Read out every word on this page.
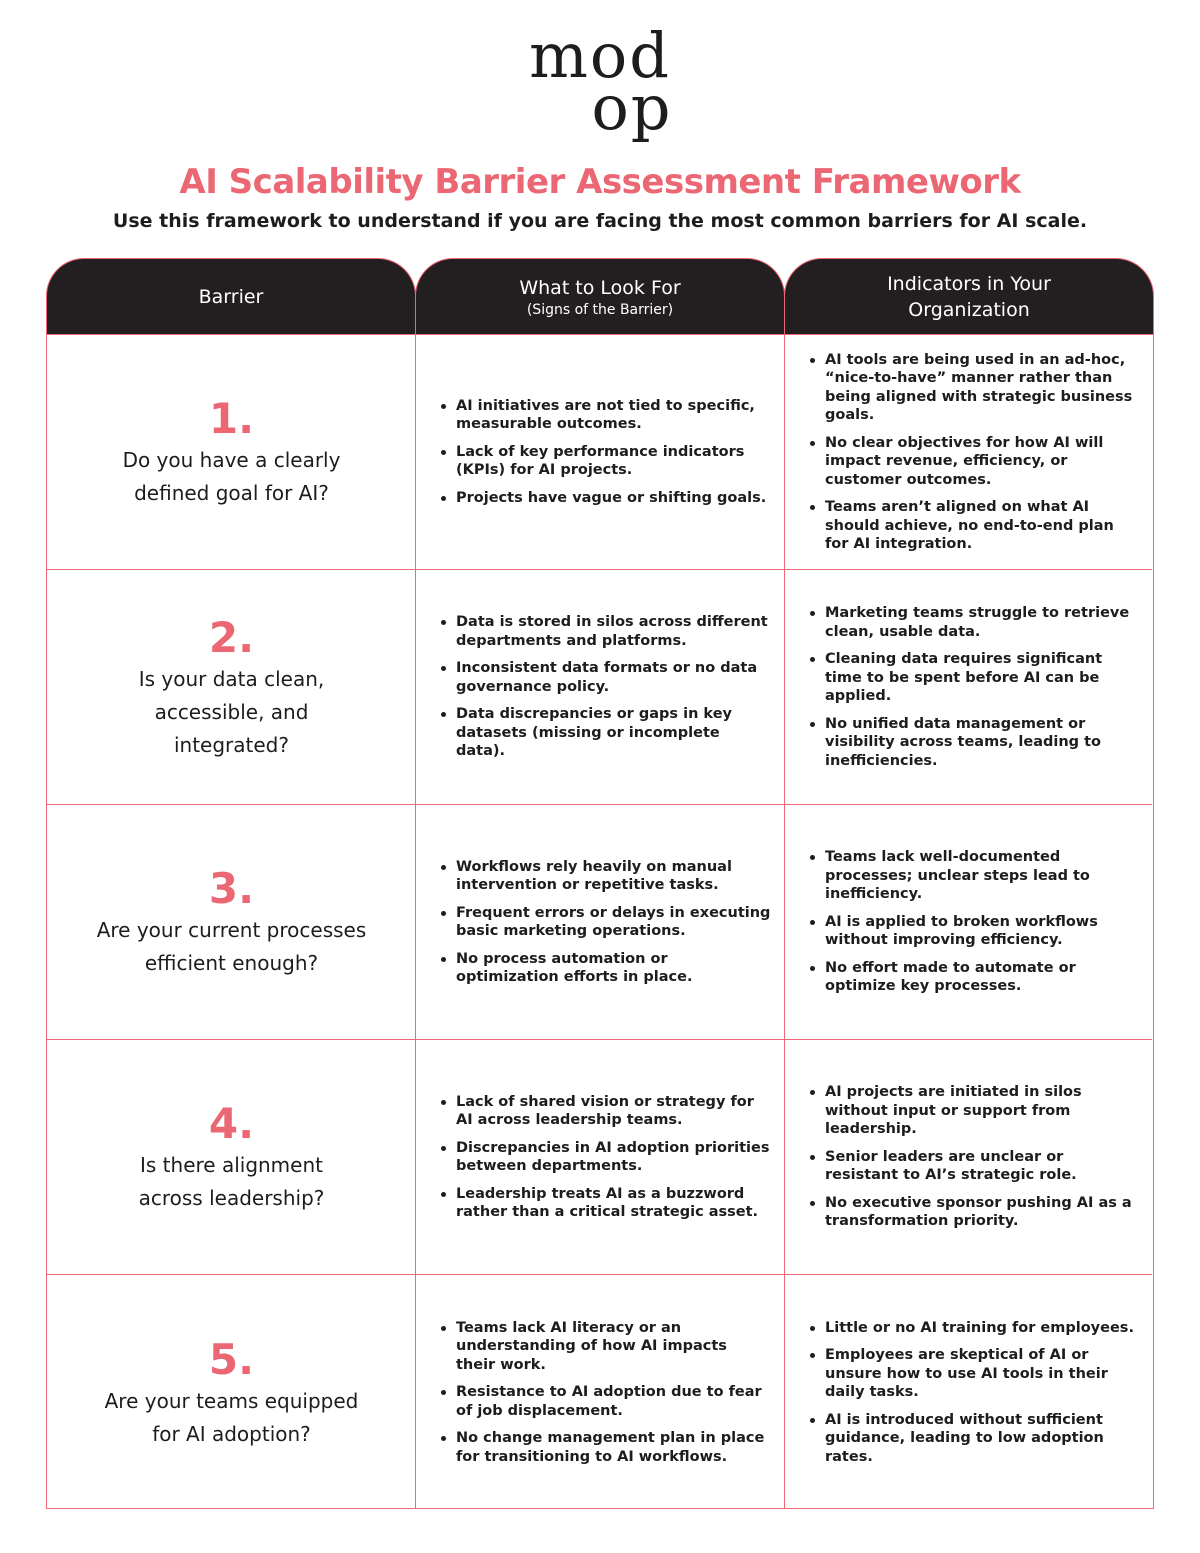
mod
op
AI Scalability Barrier Assessment Framework
Use this framework to understand if you are facing the most common barriers for AI scale.
Barrier	What to Look For
(Signs of the Barrier)
Indicators in Your
Organization
1.
Do you have a clearly
defined goal for AI?
AI initiatives are not tied to specific, measurable outcomes.
Lack of key performance indicators (KPIs) for AI projects.
Projects have vague or shifting goals.
AI tools are being used in an ad-hoc, “nice-to-have” manner rather than being aligned with strategic business goals.
No clear objectives for how AI will impact revenue, efficiency, or customer outcomes.
Teams aren’t aligned on what AI should achieve, no end-to-end plan for AI integration.
2.
Is your data clean,
accessible, and
integrated?
Data is stored in silos across different departments and platforms.
Inconsistent data formats or no data governance policy.
Data discrepancies or gaps in key datasets (missing or incomplete data).
Marketing teams struggle to retrieve clean, usable data.
Cleaning data requires significant time to be spent before AI can be applied.
No unified data management or visibility across teams, leading to inefficiencies.
3.
Are your current processes
efficient enough?
Workflows rely heavily on manual intervention or repetitive tasks.
Frequent errors or delays in executing basic marketing operations.
No process automation or optimization efforts in place.
Teams lack well-documented processes; unclear steps lead to inefficiency.
AI is applied to broken workflows without improving efficiency.
No effort made to automate or optimize key processes.
4.
Is there alignment
across leadership?
Lack of shared vision or strategy for AI across leadership teams.
Discrepancies in AI adoption priorities between departments.
Leadership treats AI as a buzzword rather than a critical strategic asset.
AI projects are initiated in silos without input or support from leadership.
Senior leaders are unclear or resistant to AI’s strategic role.
No executive sponsor pushing AI as a transformation priority.
5.
Are your teams equipped
for AI adoption?
Teams lack AI literacy or an understanding of how AI impacts their work.
Resistance to AI adoption due to fear of job displacement.
No change management plan in place for transitioning to AI workflows.
Little or no AI training for employees.
Employees are skeptical of AI or unsure how to use AI tools in their daily tasks.
AI is introduced without sufficient guidance, leading to low adoption rates.
